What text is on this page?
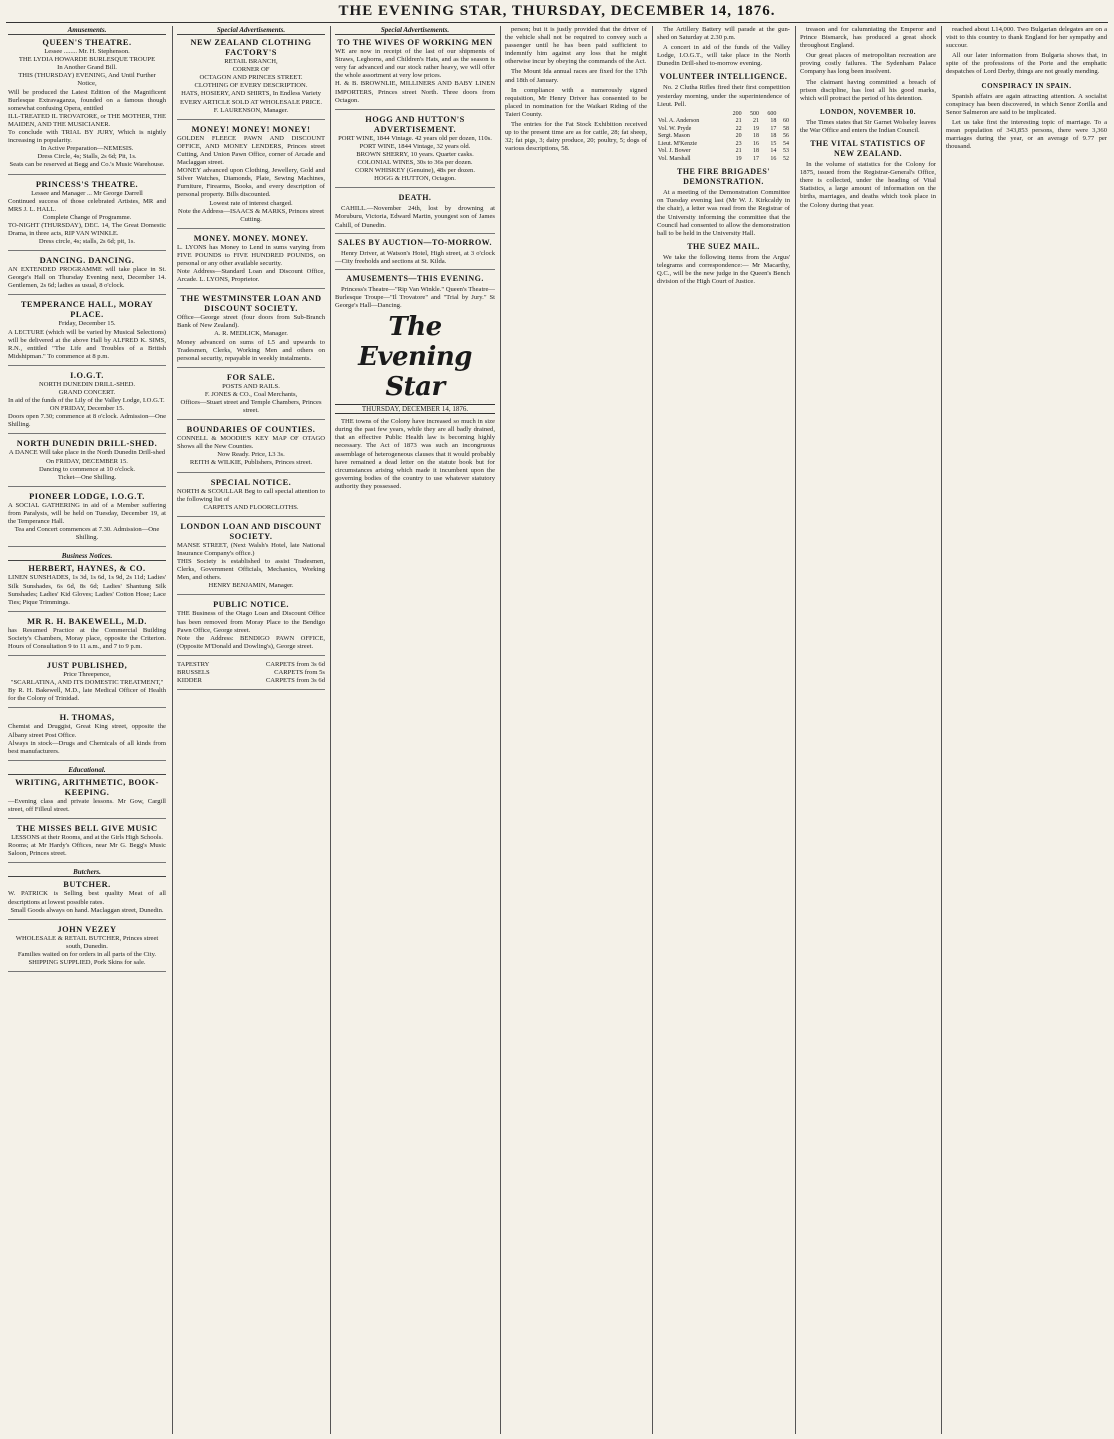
THE EVENING STAR, THURSDAY, DECEMBER 14, 1876.
Amusements.
QUEEN'S THEATRE.
Lessee ........ Mr. H. Stephenson.
THE LYDIA HOWARDE BURLESQUE TROUPE
In Another Grand Bill.
THIS (THURSDAY) EVENING, And Until Further Notice,
Will be produced the Latest Edition of the Magnificent Burlesque Extravaganza, founded on a famous though somewhat confusing Opera, entitled
ILL-TREATED IL TROVATORE, or THE MOTHER, THE MAIDEN, AND THE MUSICIANER.
To conclude with TRIAL BY JURY, Which is nightly increasing in popularity.
In Active Preparation—NEMESIS.
Dress Circle, 4s; Stalls, 2s 6d; Pit, 1s.
Seats can be reserved at Begg and Co.'s Music Warehouse.
PRINCESS'S THEATRE.
Lessee and Manager ... Mr George Darrell
Continued success of those celebrated Artistes, MR and MRS J. L. HALL.
Complete Change of Programme.
TO-NIGHT (THURSDAY), DEC. 14, The Great Domestic Drama, in three acts, RIP VAN WINKLE.
Dress circle, 4s; stalls, 2s 6d; pit, 1s.
DANCING. DANCING.
AN EXTENDED PROGRAMME will take place in St. George's Hall on Thursday Evening next, December 14. Gentlemen, 2s 6d; ladies as usual, 8 o'clock.
TEMPERANCE HALL, MORAY PLACE.
Friday, December 15.
A LECTURE (which will be varied by Musical Selections) will be delivered at the above Hall by ALFRED K. SIMS, R.N., entitled "The Life and Troubles of a British Midshipman." To commence at 8 p.m.
I.O.G.T.
NORTH DUNEDIN DRILL-SHED.
GRAND CONCERT.
In aid of the funds of the Lily of the Valley Lodge, I.O.G.T.
ON FRIDAY, December 15.
Doors open 7.30; commence at 8 o'clock. Admission—One Shilling.
NORTH DUNEDIN DRILL-SHED.
A DANCE Will take place in the North Dunedin Drill-shed
On FRIDAY, DECEMBER 15.
Dancing to commence at 10 o'clock.
Ticket—One Shilling.
PIONEER LODGE, I.O.G.T.
A SOCIAL GATHERING in aid of a Member suffering from Paralysis, will be held on Tuesday, December 19, at the Temperance Hall.
Tea and Concert commences at 7.30. Admission—One Shilling.
Business Notices.
HERBERT, HAYNES, & CO.
LINEN SUNSHADES, 1s 3d, 1s 6d, 1s 9d, 2s 11d; Ladies' Silk Sunshades, 6s 6d, 8s 6d; Ladies' Shantung Silk Sunshades; Ladies' Kid Gloves; Ladies' Cotton Hose; Lace Ties; Pique Trimmings.
MR R. H. BAKEWELL, M.D.
has Resumed Practice at the Commercial Building Society's Chambers, Moray place, opposite the Criterion. Hours of Consultation 9 to 11 a.m., and 7 to 9 p.m.
JUST PUBLISHED,
Price Threepence,
"SCARLATINA, AND ITS DOMESTIC TREATMENT,"
By R. H. Bakewell, M.D., late Medical Officer of Health for the Colony of Trinidad.
H. THOMAS,
Chemist and Druggist, Great King street, opposite the Albany street Post Office.
Always in stock—Drugs and Chemicals of all kinds from best manufacturers.
Educational.
WRITING, ARITHMETIC, BOOK-KEEPING.
—Evening class and private lessons. Mr Gow, Cargill street, off Filleul street.
THE MISSES BELL GIVE MUSIC
LESSONS at their Rooms, and at the Girls High Schools.
Rooms; at Mr Hardy's Offices, near Mr G. Begg's Music Saloon, Princes street.
Butchers.
BUTCHER.
W. PATRICK is Selling best quality Meat of all descriptions at lowest possible rates.
Small Goods always on hand. Maclaggan street, Dunedin.
JOHN VEZEY
WHOLESALE & RETAIL BUTCHER, Princes street south, Dunedin.
Families waited on for orders in all parts of the City.
SHIPPING SUPPLIED, Pork Skins for sale.
Special Advertisements.
NEW ZEALAND CLOTHING FACTORY'S
RETAIL BRANCH,
CORNER OF
OCTAGON AND PRINCES STREET.
CLOTHING OF EVERY DESCRIPTION.
HATS, HOSIERY, AND SHIRTS, In Endless Variety
EVERY ARTICLE SOLD AT WHOLESALE PRICE.
F. LAURENSON, Manager.
MONEY! MONEY! MONEY!
GOLDEN FLEECE PAWN AND DISCOUNT OFFICE, AND MONEY LENDERS, Princes street Cutting, And Union Pawn Office, corner of Arcade and Maclaggan street.
MONEY advanced upon Clothing, Jewellery, Gold and Silver Watches, Diamonds, Plate, Sewing Machines, Furniture, Firearms, Books, and every description of personal property. Bills discounted.
Lowest rate of interest charged.
Note the Address—ISAACS & MARKS, Princes street Cutting.
MONEY. MONEY. MONEY.
L. LYONS has Money to Lend in sums varying from FIVE POUNDS to FIVE HUNDRED POUNDS, on personal or any other available security.
Note Address—Standard Loan and Discount Office, Arcade. L. LYONS, Proprietor.
THE WESTMINSTER LOAN AND DISCOUNT SOCIETY.
Office—George street (four doors from Sub-Branch Bank of New Zealand).
A. R. MEDLICK, Manager.
Money advanced on sums of L5 and upwards to Tradesmen, Clerks, Working Men and others on personal security, repayable in weekly instalments.
FOR SALE.
POSTS AND RAILS.
F. JONES & CO., Coal Merchants,
Offices—Stuart street and Temple Chambers, Princes street.
BOUNDARIES OF COUNTIES.
CONNELL & MOODIE'S KEY MAP OF OTAGO Shows all the New Counties.
Now Ready. Price, L3 3s.
REITH & WILKIE, Publishers, Princes street.
SPECIAL NOTICE.
NORTH & SCOULLAR Beg to call special attention to the following list of
CARPETS AND FLOORCLOTHS.
LONDON LOAN AND DISCOUNT SOCIETY.
MANSE STREET, (Next Walsh's Hotel, late National Insurance Company's office.)
THIS Society is established to assist Tradesmen, Clerks, Government Officials, Mechanics, Working Men, and others.
HENRY BENJAMIN, Manager.
PUBLIC NOTICE.
THE Business of the Otago Loan and Discount Office has been removed from Moray Place to the Bendigo Pawn Office, George street.
Note the Address: BENDIGO PAWN OFFICE, (Opposite M'Donald and Dowling's), George street.
TAPESTRY	CARPETS from 3s 6d
BRUSSELS	CARPETS from 5s
KIDDER	CARPETS from 3s 6d
Special Advertisements.
TO THE WIVES OF WORKING MEN
WE are now in receipt of the last of our shipments of Straws, Leghorns, and Children's Hats, and as the season is very far advanced and our stock rather heavy, we will offer the whole assortment at very low prices.
H. & B. BROWNLIE, MILLINERS AND BABY LINEN IMPORTERS, Princes street North. Three doors from Octagon.
HOGG AND HUTTON'S ADVERTISEMENT.
PORT WINE, 1844 Vintage. 42 years old per dozen, 110s.
PORT WINE, 1844 Vintage, 32 years old.
BROWN SHERRY, 10 years. Quarter casks.
COLONIAL WINES, 30s to 36s per dozen.
CORN WHISKEY (Genuine), 48s per dozen.
HOGG & HUTTON, Octagon.
DEATH.
CAHILL.—November 24th, lost by drowning at Moruburu, Victoria, Edward Martin, youngest son of James Cahill, of Dunedin.
SALES BY AUCTION—TO-MORROW.
Henry Driver, at Watson's Hotel, High street, at 3 o'clock—City freeholds and sections at St. Kilda.
AMUSEMENTS—THIS EVENING.
Princess's Theatre—"Rip Van Winkle." Queen's Theatre—Burlesque Troupe—"Il Trovatore" and "Trial by Jury." St George's Hall—Dancing.
The Evening Star
THURSDAY, DECEMBER 14, 1876.
THE towns of the Colony have increased so much in size during the past few years, while they are all badly drained, that an effective Public Health law is becoming highly necessary. The Act of 1873 was such an incongruous assemblage of heterogeneous clauses that it would probably have remained a dead letter on the statute book but for circumstances arising which made it incumbent upon the governing bodies of the country to use whatever statutory authority they possessed.
person; but it is justly provided that the driver of the vehicle shall not be required to convey such a passenger until he has been paid sufficient to indemnify him against any loss that he might otherwise incur by obeying the commands of the Act.
The Mount Ida annual races are fixed for the 17th and 18th of January.
In compliance with a numerously signed requisition, Mr Henry Driver has consented to be placed in nomination for the Waikari Riding of the Taieri County.
The entries for the Fat Stock Exhibition received up to the present time are as for cattle, 28; fat sheep, 32; fat pigs, 3; dairy produce, 20; poultry, 5; dogs of various descriptions, 58.
The Artillery Battery will parade at the gun-shed on Saturday at 2.30 p.m.
A concert in aid of the funds of the Valley Lodge, I.O.G.T., will take place in the North Dunedin Drill-shed to-morrow evening.
VOLUNTEER INTELLIGENCE.
No. 2 Clutha Rifles fired their first competition yesterday morning, under the superintendence of Lieut. Pell.
	200	500	600	
Vol. A. Anderson	21	21	18	60
Vol. W. Pryde	22	19	17	58
Sergt. Mason	20	18	18	56
Lieut. M'Kenzie	23	16	15	54
Vol. J. Bower	21	18	14	53
Vol. Marshall	19	17	16	52
THE FIRE BRIGADES' DEMONSTRATION.
At a meeting of the Demonstration Committee on Tuesday evening last (Mr W. J. Kirkcaldy in the chair), a letter was read from the Registrar of the University informing the committee that the Council had consented to allow the demonstration ball to be held in the University Hall.
THE SUEZ MAIL.
We take the following items from the Argus' telegrams and correspondence:— Mr Macarthy, Q.C., will be the new judge in the Queen's Bench division of the High Court of Justice.
treason and for calumniating the Emperor and Prince Bismarck, has produced a great shock throughout England.
Our great places of metropolitan recreation are proving costly failures. The Sydenham Palace Company has long been insolvent.
The claimant having committed a breach of prison discipline, has lost all his good marks, which will protract the period of his detention.
LONDON, NOVEMBER 10.
The Times states that Sir Garnet Wolseley leaves the War Office and enters the Indian Council.
THE VITAL STATISTICS OF NEW ZEALAND.
In the volume of statistics for the Colony for 1875, issued from the Registrar-General's Office, there is collected, under the heading of Vital Statistics, a large amount of information on the births, marriages, and deaths which took place in the Colony during that year.
reached about L14,000. Two Bulgarian delegates are on a visit to this country to thank England for her sympathy and succour.
All our later information from Bulgaria shows that, in spite of the professions of the Porte and the emphatic despatches of Lord Derby, things are not greatly mending.
CONSPIRACY IN SPAIN.
Spanish affairs are again attracting attention. A socialist conspiracy has been discovered, in which Senor Zorilla and Senor Salmeron are said to be implicated.
Let us take first the interesting topic of marriage. To a mean population of 343,853 persons, there were 3,360 marriages during the year, or an average of 9.77 per thousand.
